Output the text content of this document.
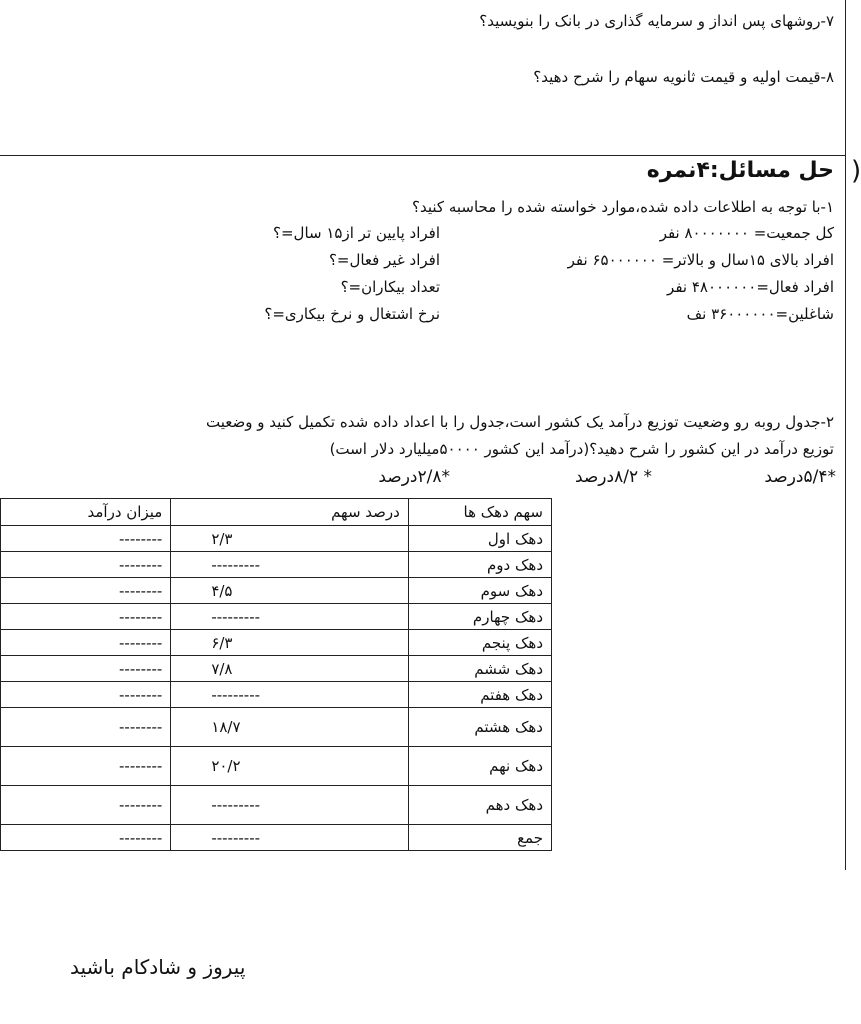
۷-روشهای پس انداز و سرمایه گذاری در بانک را بنویسید؟
۸-قیمت اولیه و قیمت ثانویه سهام را شرح دهید؟
)
حل مسائل:۴نمره
۱-با توجه به اطلاعات داده شده،موارد خواسته شده را محاسبه کنید؟
کل جمعیت= ۸۰۰۰۰۰۰۰ نفر
افراد بالای ۱۵سال و بالاتر= ۶۵۰۰۰۰۰۰ نفر
افراد فعال=۴۸۰۰۰۰۰۰ نفر
شاغلین=۳۶۰۰۰۰۰۰ نف
افراد پایین تر از۱۵ سال=؟
افراد غیر فعال=؟
تعداد بیکاران=؟
نرخ اشتغال و نرخ بیکاری=؟
۲-جدول روبه رو وضعیت توزیع درآمد یک کشور است،جدول را با اعداد داده شده تکمیل کنید و وضعیت
توزیع درآمد در این کشور را شرح دهید؟(درآمد این کشور ۵۰۰۰۰میلیارد دلار است)
*۵/۴درصد
* ۸/۲درصد
*۲/۸درصد
سهم دهک ها	درصد سهم	میزان درآمد
دهک اول	۲/۳	--------
دهک دوم	---------	--------
دهک سوم	۴/۵	--------
دهک چهارم	---------	--------
دهک پنجم	۶/۳	--------
دهک ششم	۷/۸	--------
دهک هفتم	---------	--------
دهک هشتم	۱۸/۷	--------
دهک نهم	۲۰/۲	--------
دهک دهم	---------	--------
جمع	---------	--------
پیروز و شادکام باشید
